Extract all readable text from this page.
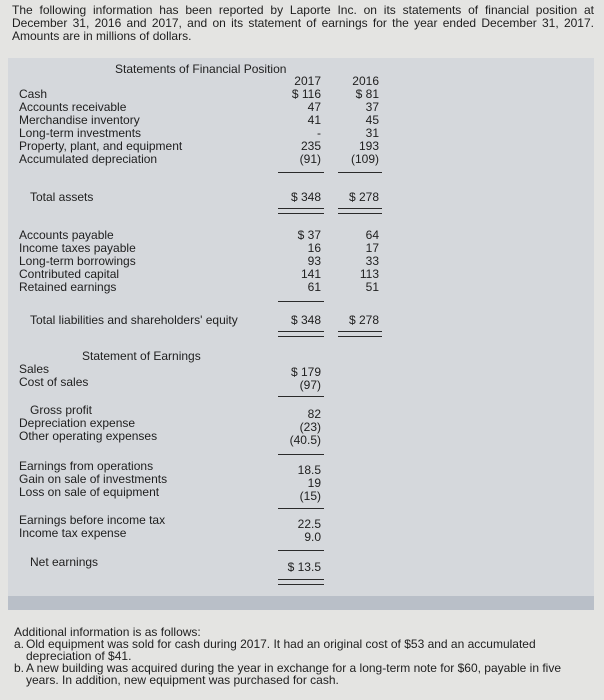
The following information has been reported by Laporte Inc. on its statements of financial position at December 31, 2016 and 2017, and on its statement of earnings for the year ended December 31, 2017. Amounts are in millions of dollars.
Statements of Financial Position
2017	2016
Cash	$ 116	$ 81
Accounts receivable	47	37
Merchandise inventory	41	45
Long-term investments	-	31
Property, plant, and equipment	235	193
Accumulated depreciation	(91)	(109)
Total assets	$ 348	$ 278
Accounts payable	$ 37	64
Income taxes payable	16	17
Long-term borrowings	93	33
Contributed capital	141	113
Retained earnings	61	51
Total liabilities and shareholders' equity	$ 348	$ 278
Statement of Earnings
Sales	$ 179
Cost of sales	(97)
Gross profit	82
Depreciation expense	(23)
Other operating expenses	(40.5)
Earnings from operations	18.5
Gain on sale of investments	19
Loss on sale of equipment	(15)
Earnings before income tax	22.5
Income tax expense	9.0
Net earnings	$ 13.5

Additional information is as follows:

a. Old equipment was sold for cash during 2017. It had an original cost of $53 and an accumulated depreciation of $41.
b. A new building was acquired during the year in exchange for a long-term note for $60, payable in five years. In addition, new equipment was purchased for cash.
